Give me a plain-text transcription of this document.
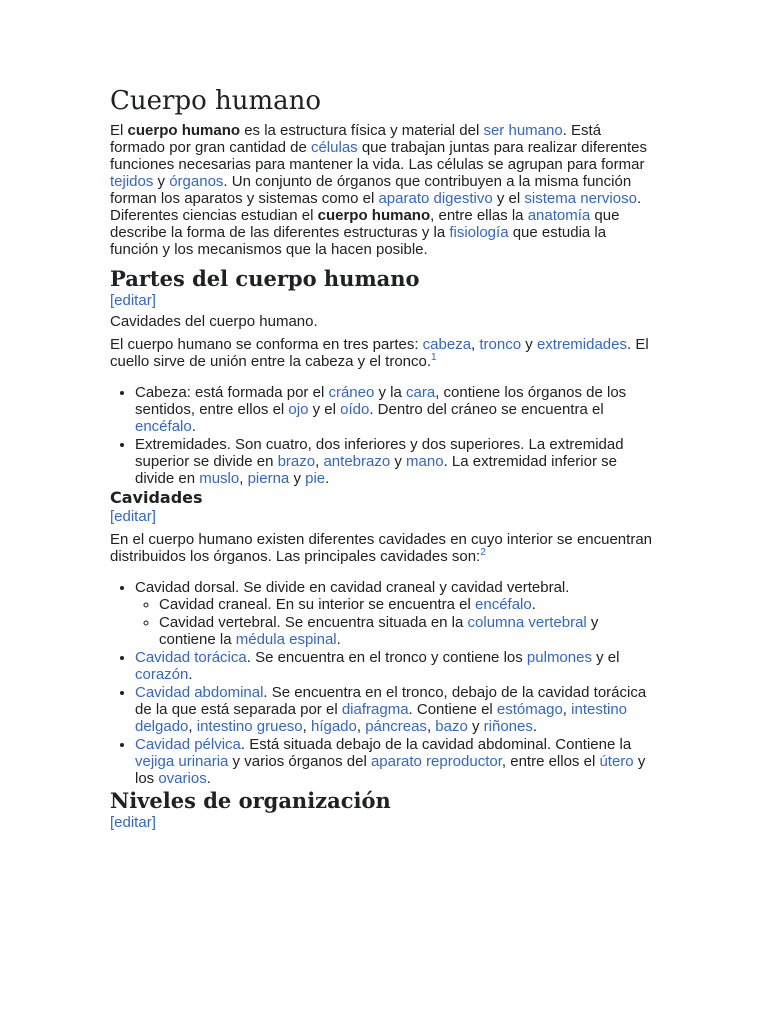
Cuerpo humano

El cuerpo humano es la estructura física y material del ser humano. Está formado por gran cantidad de células que trabajan juntas para realizar diferentes funciones necesarias para mantener la vida. Las células se agrupan para formar tejidos y órganos. Un conjunto de órganos que contribuyen a la misma función forman los aparatos y sistemas como el aparato digestivo y el sistema nervioso. Diferentes ciencias estudian el cuerpo humano, entre ellas la anatomía que describe la forma de las diferentes estructuras y la fisiología que estudia la función y los mecanismos que la hacen posible.

Partes del cuerpo humano
[editar]

Cavidades del cuerpo humano.

El cuerpo humano se conforma en tres partes: cabeza, tronco y extremidades. El cuello sirve de unión entre la cabeza y el tronco.$^1$

• Cabeza: está formada por el cráneo y la cara, contiene los órganos de los sentidos, entre ellos el ojo y el oído. Dentro del cráneo se encuentra el encéfalo.
• Extremidades. Son cuatro, dos inferiores y dos superiores. La extremidad superior se divide en brazo, antebrazo y mano. La extremidad inferior se divide en muslo, pierna y pie.
Cavidades
[editar]

En el cuerpo humano existen diferentes cavidades en cuyo interior se encuentran distribuidos los órganos. Las principales cavidades son:$^2$

• Cavidad dorsal. Se divide en cavidad craneal y cavidad vertebral.
◦ Cavidad craneal. En su interior se encuentra el encéfalo.
◦ Cavidad vertebral. Se encuentra situada en la columna vertebral y contiene la médula espinal.
• Cavidad torácica. Se encuentra en el tronco y contiene los pulmones y el corazón.
• Cavidad abdominal. Se encuentra en el tronco, debajo de la cavidad torácica de la que está separada por el diafragma. Contiene el estómago, intestino delgado, intestino grueso, hígado, páncreas, bazo y riñones.
• Cavidad pélvica. Está situada debajo de la cavidad abdominal. Contiene la vejiga urinaria y varios órganos del aparato reproductor, entre ellos el útero y los ovarios.
Niveles de organización
[editar]
